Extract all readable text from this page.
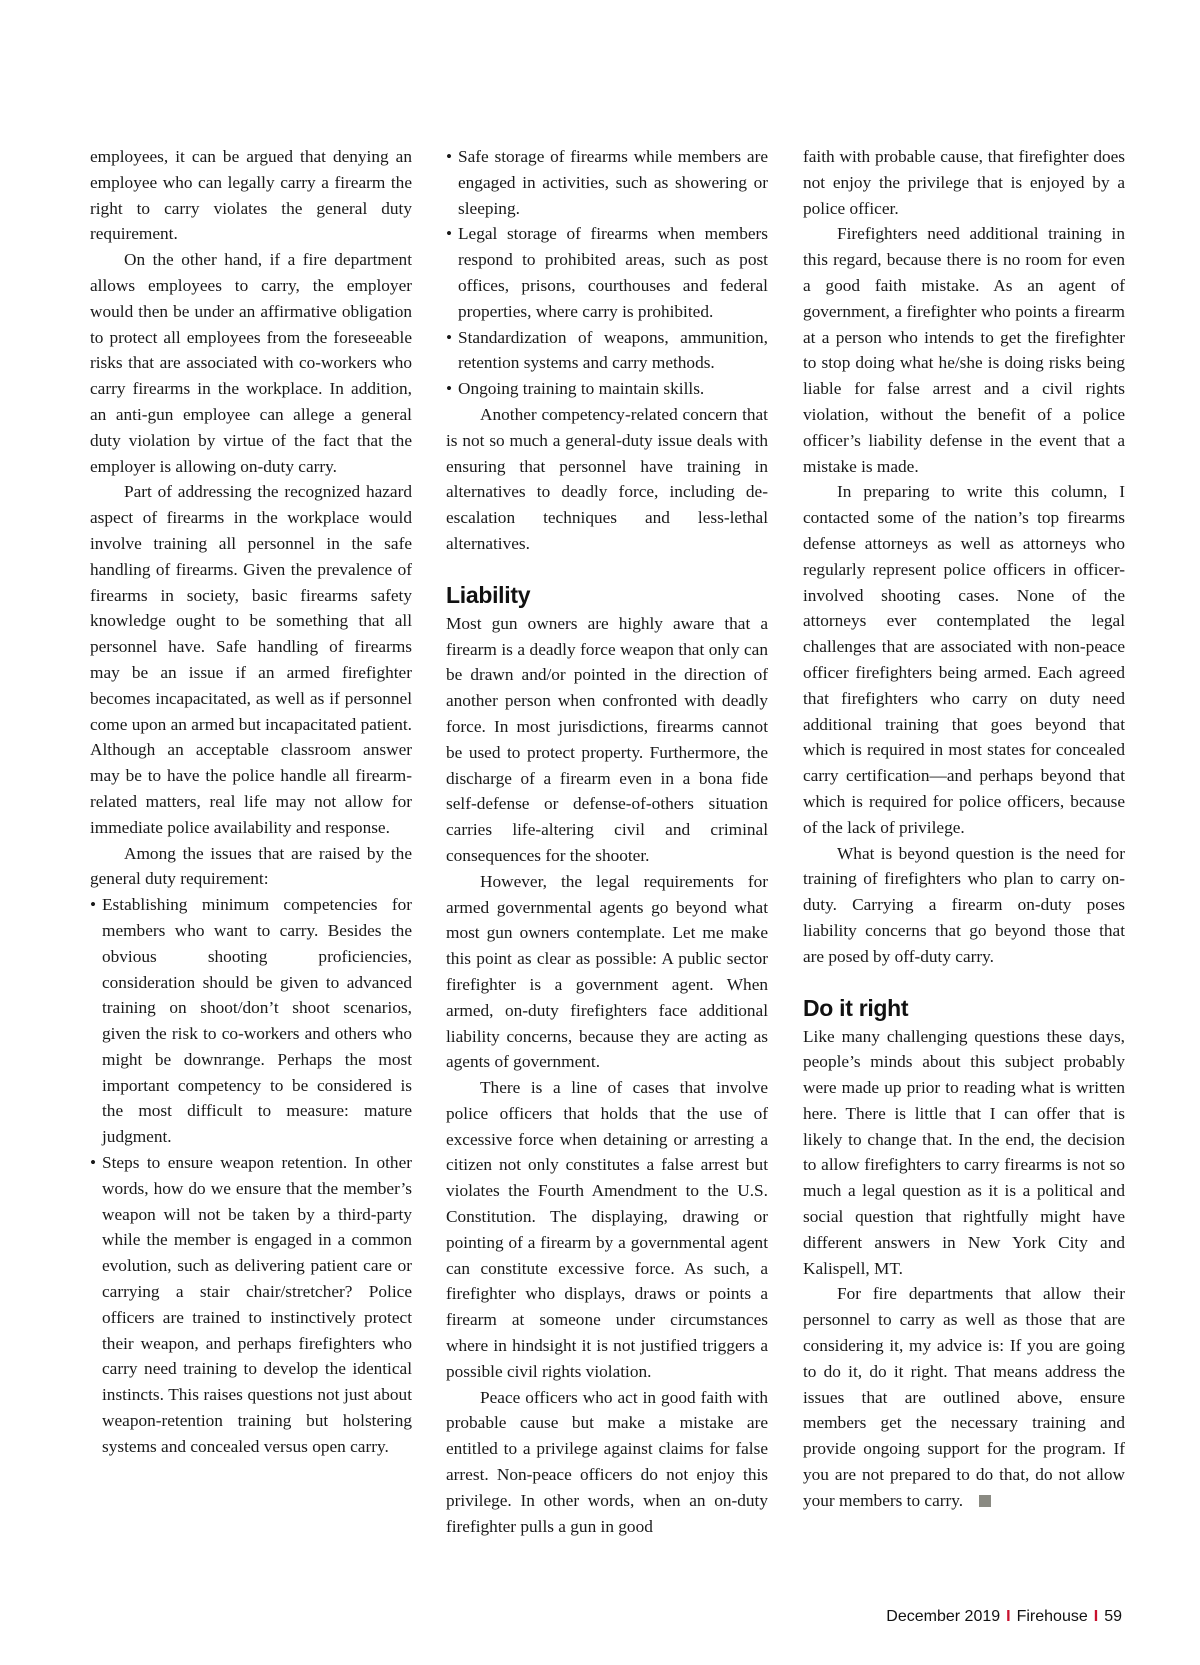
employees, it can be argued that denying an employee who can legally carry a firearm the right to carry violates the general duty requirement.

On the other hand, if a fire department allows employees to carry, the employer would then be under an affirmative obligation to protect all employees from the foreseeable risks that are associated with co-workers who carry firearms in the workplace. In addition, an anti-gun employee can allege a general duty violation by virtue of the fact that the employer is allowing on-duty carry.

Part of addressing the recognized hazard aspect of firearms in the workplace would involve training all personnel in the safe handling of firearms. Given the prevalence of firearms in society, basic firearms safety knowledge ought to be something that all personnel have. Safe handling of firearms may be an issue if an armed firefighter becomes incapacitated, as well as if personnel come upon an armed but incapacitated patient. Although an acceptable classroom answer may be to have the police handle all firearm-related matters, real life may not allow for immediate police availability and response.

Among the issues that are raised by the general duty requirement:

• Establishing minimum competencies for members who want to carry. Besides the obvious shooting proficiencies, consideration should be given to advanced training on shoot/don’t shoot scenarios, given the risk to co-workers and others who might be downrange. Perhaps the most important competency to be considered is the most difficult to measure: mature judgment.
• Steps to ensure weapon retention. In other words, how do we ensure that the member’s weapon will not be taken by a third-party while the member is engaged in a common evolution, such as delivering patient care or carrying a stair chair/stretcher? Police officers are trained to instinctively protect their weapon, and perhaps firefighters who carry need training to develop the identical instincts. This raises questions not just about weapon-retention training but holstering systems and concealed versus open carry.
• Safe storage of firearms while members are engaged in activities, such as showering or sleeping.
• Legal storage of firearms when members respond to prohibited areas, such as post offices, prisons, courthouses and federal properties, where carry is prohibited.
• Standardization of weapons, ammunition, retention systems and carry methods.
• Ongoing training to maintain skills.

Another competency-related concern that is not so much a general-duty issue deals with ensuring that personnel have training in alternatives to deadly force, including de-escalation techniques and less-lethal alternatives.

Liability

Most gun owners are highly aware that a firearm is a deadly force weapon that only can be drawn and/or pointed in the direction of another person when confronted with deadly force. In most jurisdictions, firearms cannot be used to protect property. Furthermore, the discharge of a firearm even in a bona fide self-defense or defense-of-others situation carries life-altering civil and criminal consequences for the shooter.

However, the legal requirements for armed governmental agents go beyond what most gun owners contemplate. Let me make this point as clear as possible: A public sector firefighter is a government agent. When armed, on-duty firefighters face additional liability concerns, because they are acting as agents of government.

There is a line of cases that involve police officers that holds that the use of excessive force when detaining or arresting a citizen not only constitutes a false arrest but violates the Fourth Amendment to the U.S. Constitution. The displaying, drawing or pointing of a firearm by a governmental agent can constitute excessive force. As such, a firefighter who displays, draws or points a firearm at someone under circumstances where in hindsight it is not justified triggers a possible civil rights violation.

Peace officers who act in good faith with probable cause but make a mistake are entitled to a privilege against claims for false arrest. Non-peace officers do not enjoy this privilege. In other words, when an on-duty firefighter pulls a gun in good

faith with probable cause, that firefighter does not enjoy the privilege that is enjoyed by a police officer.

Firefighters need additional training in this regard, because there is no room for even a good faith mistake. As an agent of government, a firefighter who points a firearm at a person who intends to get the firefighter to stop doing what he/she is doing risks being liable for false arrest and a civil rights violation, without the benefit of a police officer’s liability defense in the event that a mistake is made.

In preparing to write this column, I contacted some of the nation’s top firearms defense attorneys as well as attorneys who regularly represent police officers in officer-involved shooting cases. None of the attorneys ever contemplated the legal challenges that are associated with non-peace officer firefighters being armed. Each agreed that firefighters who carry on duty need additional training that goes beyond that which is required in most states for concealed carry certification—and perhaps beyond that which is required for police officers, because of the lack of privilege.

What is beyond question is the need for training of firefighters who plan to carry on-duty. Carrying a firearm on-duty poses liability concerns that go beyond those that are posed by off-duty carry.

Do it right

Like many challenging questions these days, people’s minds about this subject probably were made up prior to reading what is written here. There is little that I can offer that is likely to change that. In the end, the decision to allow firefighters to carry firearms is not so much a legal question as it is a political and social question that rightfully might have different answers in New York City and Kalispell, MT.

For fire departments that allow their personnel to carry as well as those that are considering it, my advice is: If you are going to do it, do it right. That means address the issues that are outlined above, ensure members get the necessary training and provide ongoing support for the program. If you are not prepared to do that, do not allow your members to carry.

December 2019 I Firehouse I 59
